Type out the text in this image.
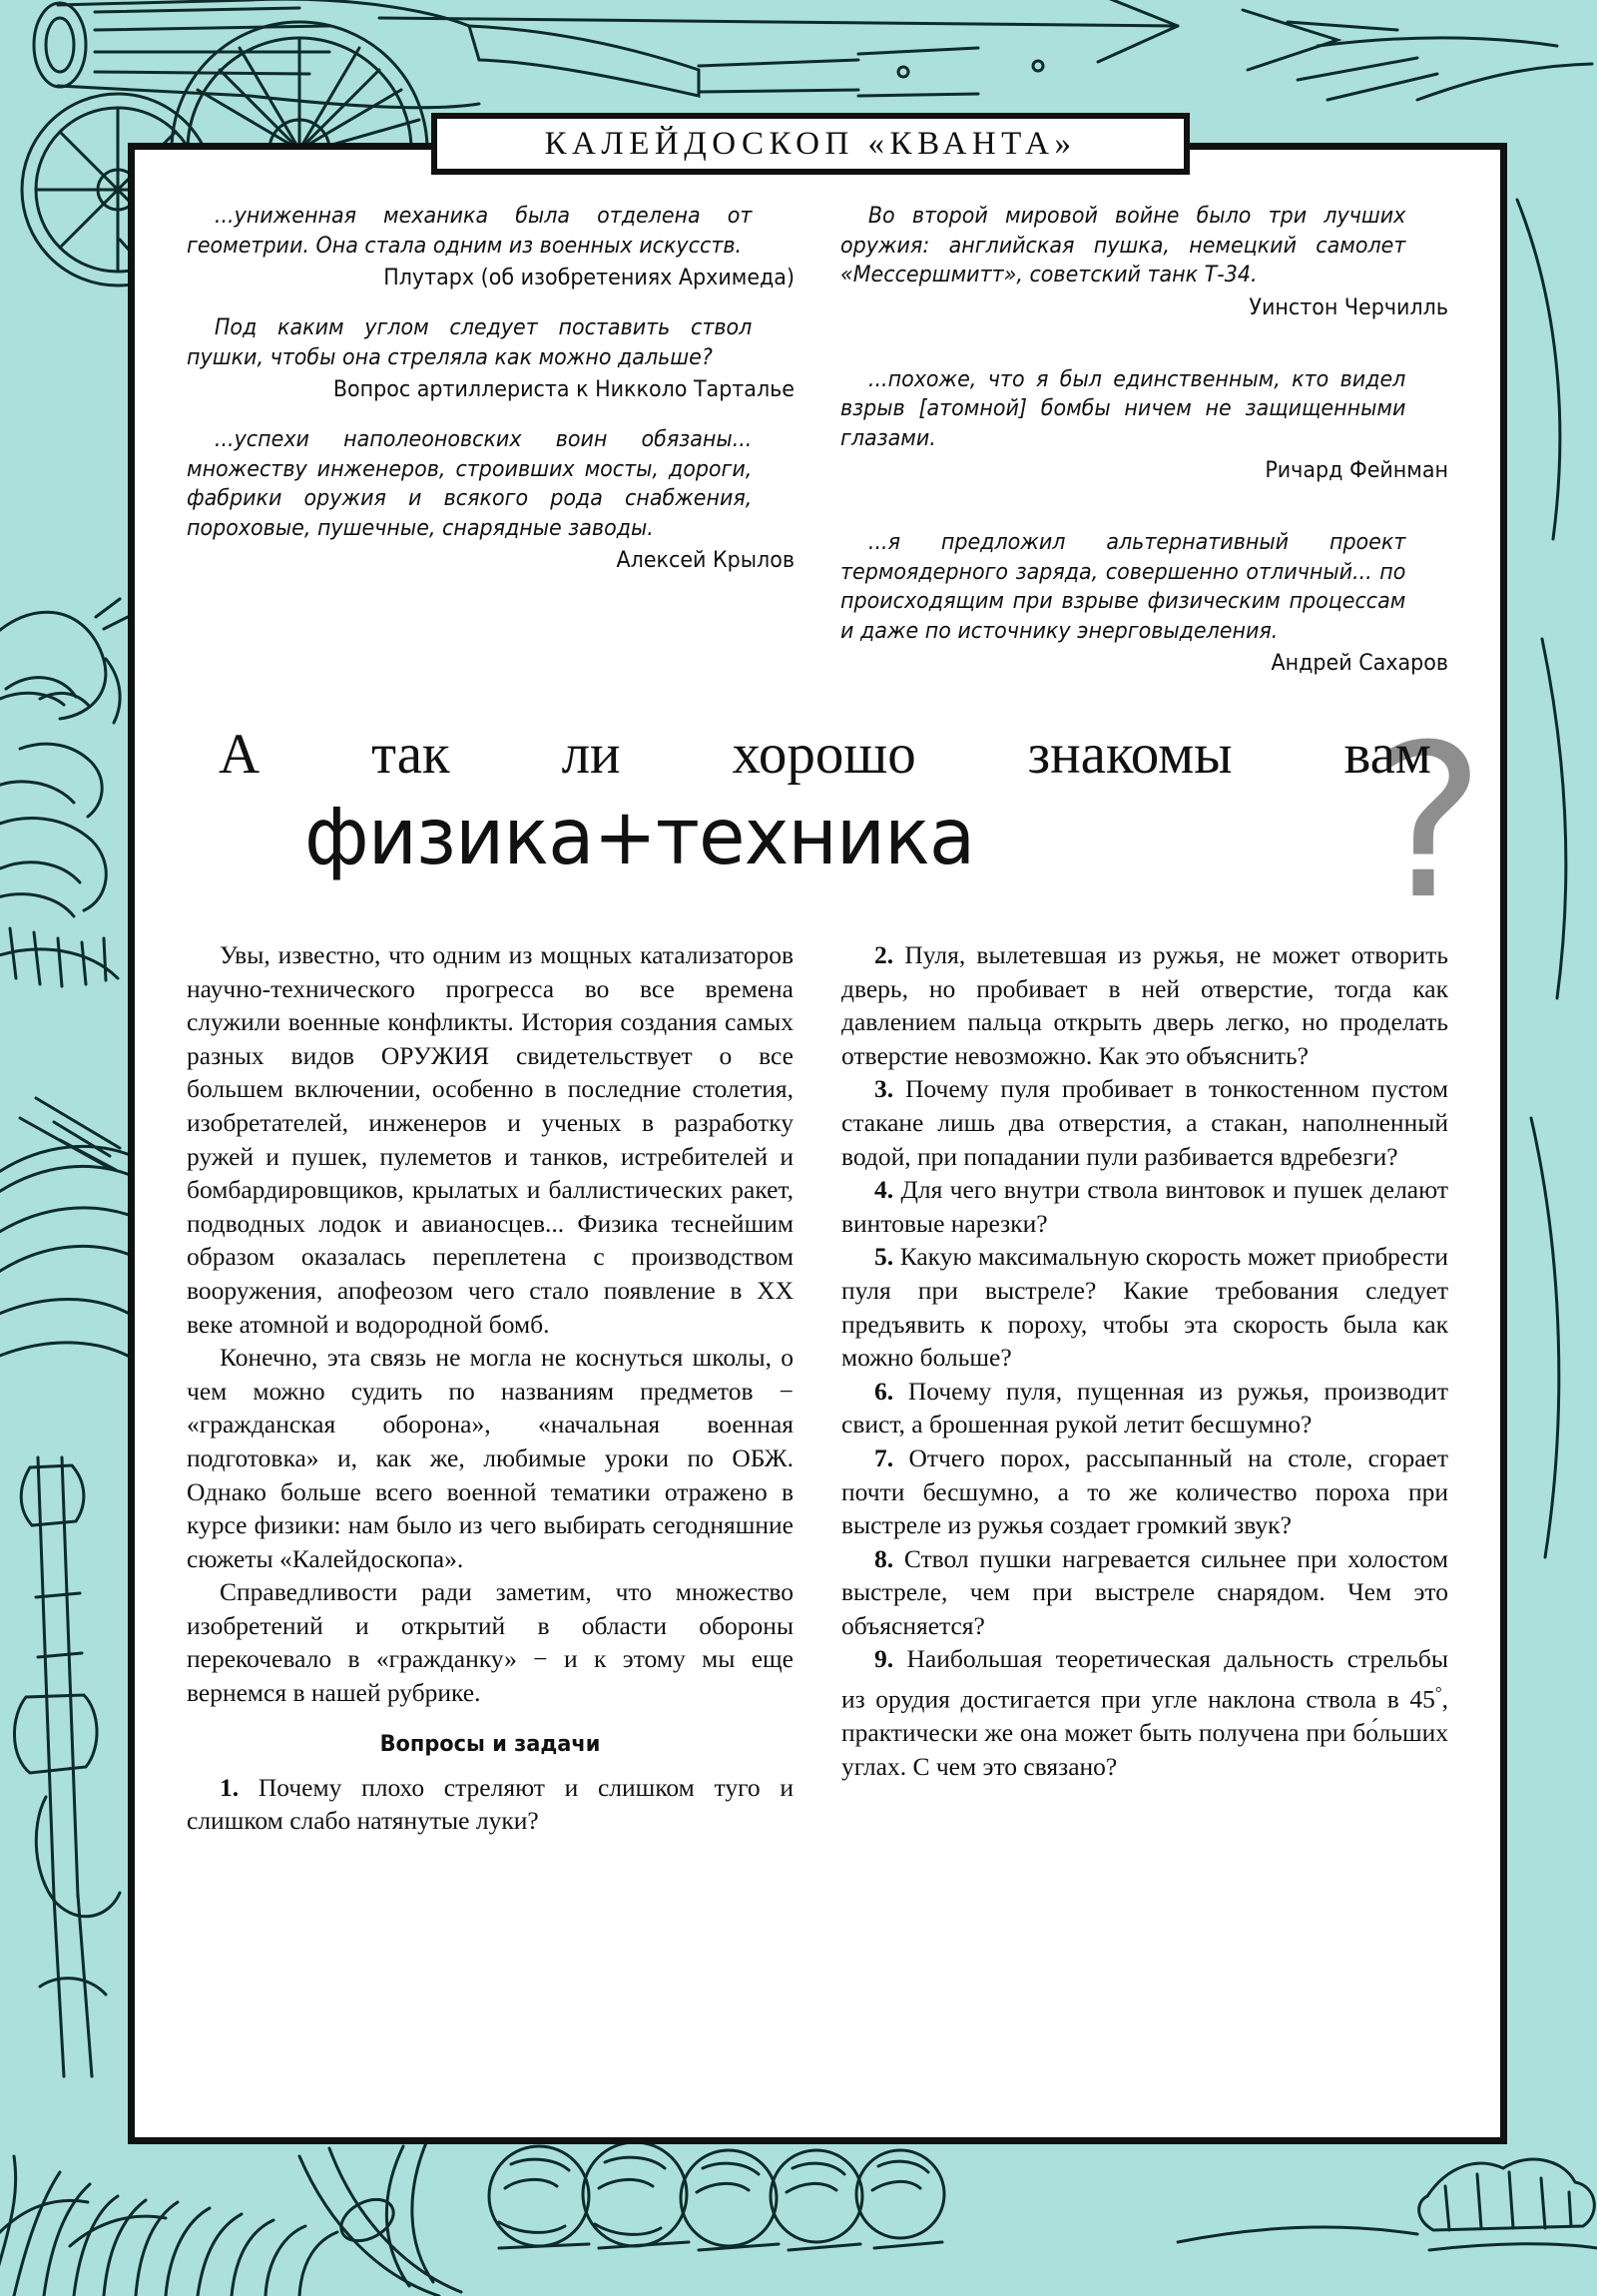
КАЛЕЙДОСКОП «КВАНТА»
...униженная механика была отделена от геометрии. Она стала одним из военных искусств.
Плутарх (об изобретениях Архимеда)
Под каким углом следует поставить ствол пушки, чтобы она стреляла как можно дальше?
Вопрос артиллериста к Никколо Тарталье
...успехи наполеоновских воин обязаны... множеству инженеров, строивших мосты, дороги, фабрики оружия и всякого рода снабжения, пороховые, пушечные, снарядные заводы.
Алексей Крылов
Во второй мировой войне было три лучших оружия: английская пушка, немецкий самолет «Мессершмитт», советский танк Т-34.
Уинстон Черчилль
...похоже, что я был единственным, кто видел взрыв [атомной] бомбы ничем не защищенными глазами.
Ричард Фейнман
...я предложил альтернативный проект термоядерного заряда, совершенно отличный... по происходящим при взрыве физическим процессам и даже по источнику энерговыделения.
Андрей Сахаров
?
А так ли хорошо знакомы вам
физика+техника

Увы, известно, что одним из мощных катализаторов научно-технического прогресса во все времена служили военные конфликты. История создания самых разных видов ОРУЖИЯ свидетельствует о все большем включении, особенно в последние столетия, изобретателей, инженеров и ученых в разработку ружей и пушек, пулеметов и танков, истребителей и бомбардировщиков, крылатых и баллистических ракет, подводных лодок и авианосцев... Физика теснейшим образом оказалась переплетена с производством вооружения, апофеозом чего стало появление в XX веке атомной и водородной бомб.

Конечно, эта связь не могла не коснуться школы, о чем можно судить по названиям предметов − «гражданская оборона», «начальная военная подготовка» и, как же, любимые уроки по ОБЖ. Однако больше всего военной тематики отражено в курсе физики: нам было из чего выбирать сегодняшние сюжеты «Калейдоскопа».

Справедливости ради заметим, что множество изобретений и открытий в области обороны перекочевало в «гражданку» − и к этому мы еще вернемся в нашей рубрике.

Вопросы и задачи

1. Почему плохо стреляют и слишком туго и слишком слабо натянутые луки?

2. Пуля, вылетевшая из ружья, не может отворить дверь, но пробивает в ней отверстие, тогда как давлением пальца открыть дверь легко, но проделать отверстие невозможно. Как это объяснить?

3. Почему пуля пробивает в тонкостенном пустом стакане лишь два отверстия, а стакан, наполненный водой, при попадании пули разбивается вдребезги?

4. Для чего внутри ствола винтовок и пушек делают винтовые нарезки?

5. Какую максимальную скорость может приобрести пуля при выстреле? Какие требования следует предъявить к пороху, чтобы эта скорость была как можно больше?

6. Почему пуля, пущенная из ружья, производит свист, а брошенная рукой летит бесшумно?

7. Отчего порох, рассыпанный на столе, сгорает почти бесшумно, а то же количество пороха при выстреле из ружья создает громкий звук?

8. Ствол пушки нагревается сильнее при холостом выстреле, чем при выстреле снарядом. Чем это объясняется?

9. Наибольшая теоретическая дальность стрельбы из орудия достигается при угле наклона ствола в 45°, практически же она может быть получена при бо́льших углах. С чем это связано?
